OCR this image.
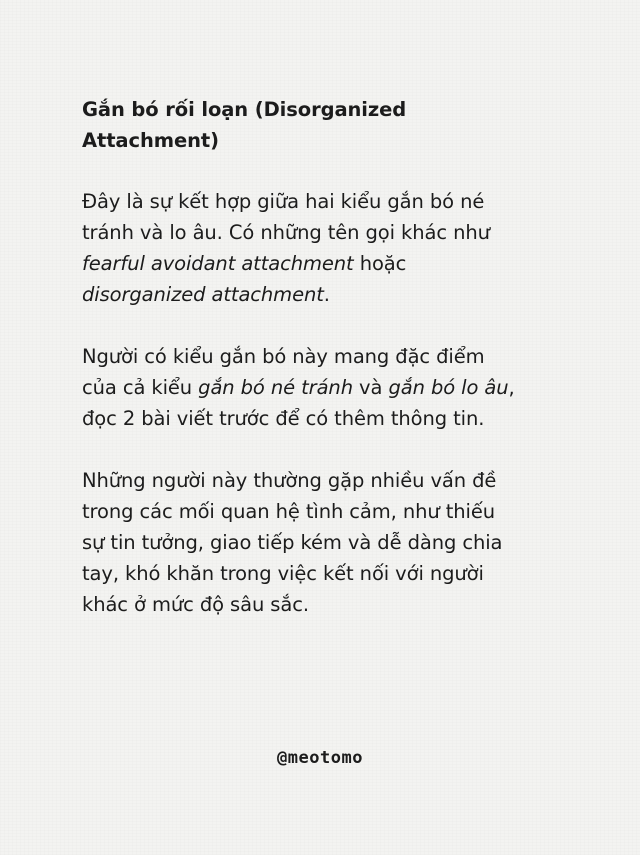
Gắn bó rối loạn (Disorganized Attachment)

Đây là sự kết hợp giữa hai kiểu gắn bó né tránh và lo âu. Có những tên gọi khác như fearful avoidant attachment hoặc disorganized attachment.

Người có kiểu gắn bó này mang đặc điểm của cả kiểu gắn bó né tránh và gắn bó lo âu, đọc 2 bài viết trước để có thêm thông tin.

Những người này thường gặp nhiều vấn đề trong các mối quan hệ tình cảm, như thiếu sự tin tưởng, giao tiếp kém và dễ dàng chia tay, khó khăn trong việc kết nối với người khác ở mức độ sâu sắc.

@meotomo
